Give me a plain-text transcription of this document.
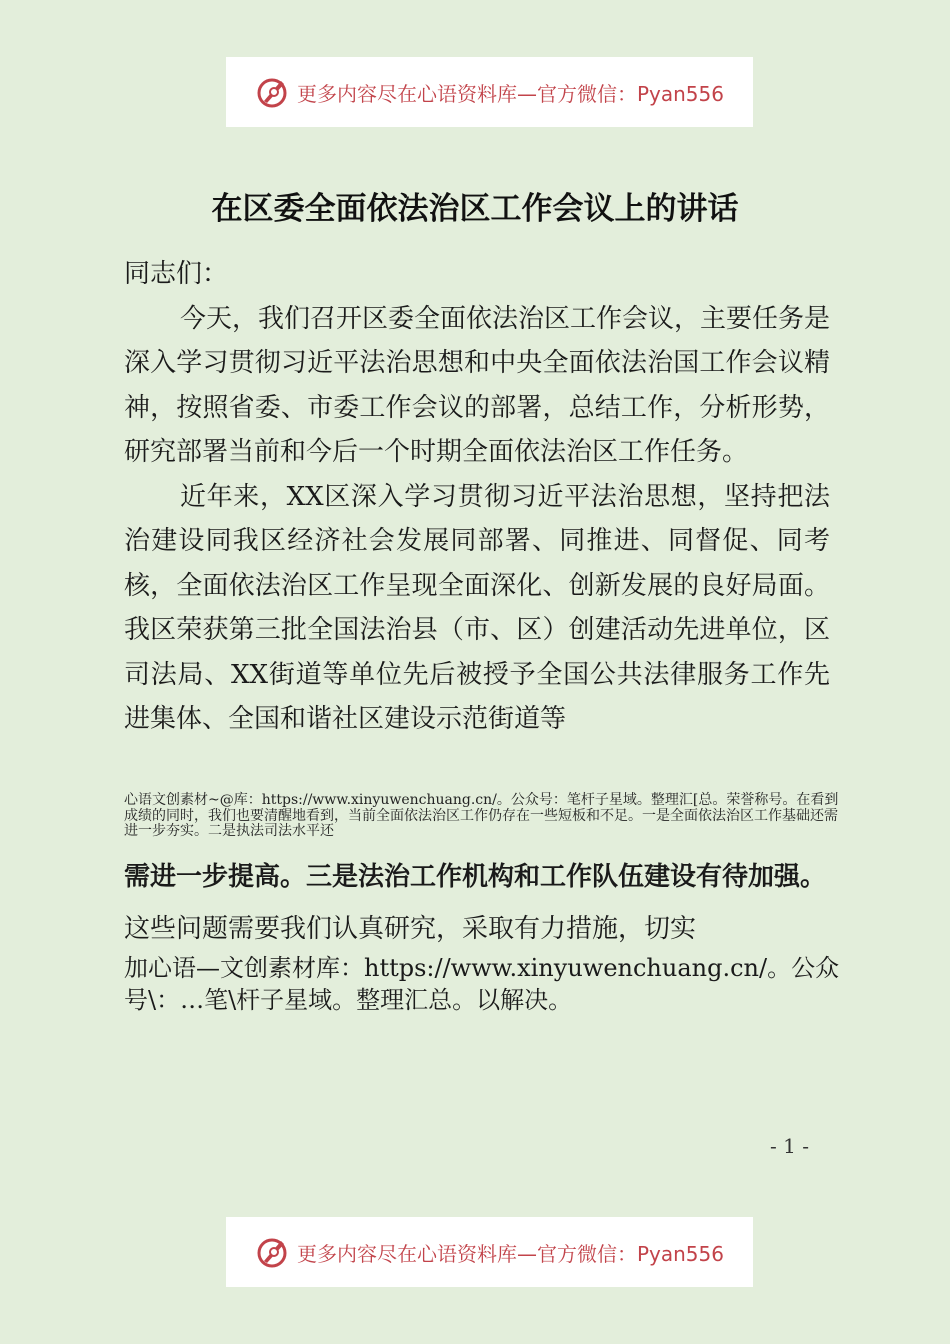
更多内容尽在心语资料库—官方微信：Pyan556
在区委全面依法治区工作会议上的讲话

同志们：

今天，我们召开区委全面依法治区工作会议，主要任务是深入学习贯彻习近平法治思想和中央全面依法治国工作会议精神，按照省委、市委工作会议的部署，总结工作，分析形势，研究部署当前和今后一个时期全面依法治区工作任务。

近年来，XX区深入学习贯彻习近平法治思想，坚持把法治建设同我区经济社会发展同部署、同推进、同督促、同考核，全面依法治区工作呈现全面深化、创新发展的良好局面。我区荣获第三批全国法治县（市、区）创建活动先进单位，区司法局、XX街道等单位先后被授予全国公共法律服务工作先进集体、全国和谐社区建设示范街道等

心语文创素材~@库：https://www.xinyuwenchuang.cn/。公众号：笔杆子星域。整理汇[总。荣誉称号。在看到成绩的同时，我们也要清醒地看到，当前全面依法治区工作仍存在一些短板和不足。一是全面依法治区工作基础还需进一步夯实。二是执法司法水平还
需进一步提高。三是法治工作机构和工作队伍建设有待加强。这些问题需要我们认真研究，采取有力措施，切实
加心语—文创素材库：https://www.xinyuwenchuang.cn/。公众号\：…笔\杆子星域。整理汇总。以解决。
- 1 -
更多内容尽在心语资料库—官方微信：Pyan556
